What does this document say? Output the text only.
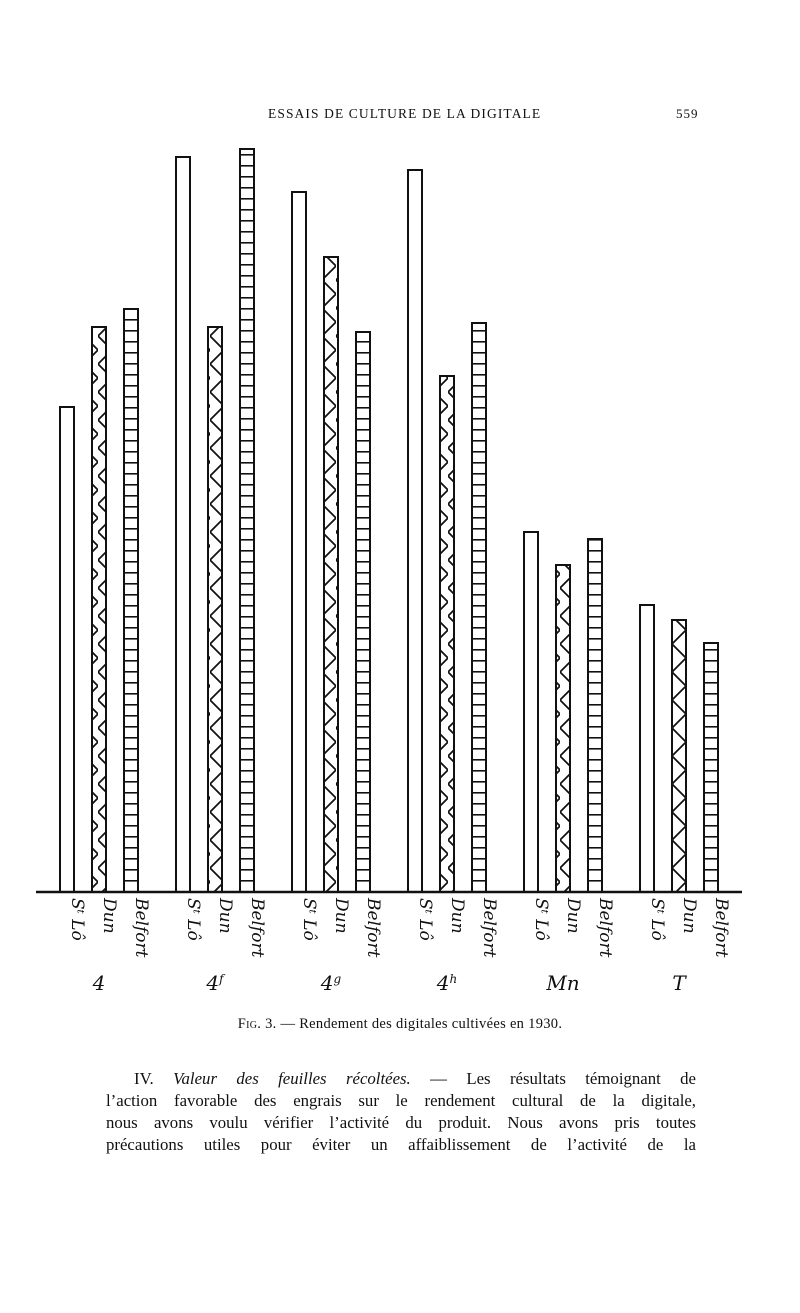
ESSAIS DE CULTURE DE LA DIGITALE	559
Sᵗ Lô Dun Belfort Sᵗ Lô Dun Belfort Sᵗ Lô Dun Belfort Sᵗ Lô Dun Belfort Sᵗ Lô Dun Belfort Sᵗ Lô Dun Belfort
4	4$^f$	4$^g$	4$^h$	Mn	T
Fig. 3. — Rendement des digitales cultivées en 1930.
IV. Valeur des feuilles récoltées. — Les résultats témoignant de
l’action favorable des engrais sur le rendement cultural de la digitale,
nous avons voulu vérifier l’activité du produit. Nous avons pris toutes
précautions utiles pour éviter un affaiblissement de l’activité de la
